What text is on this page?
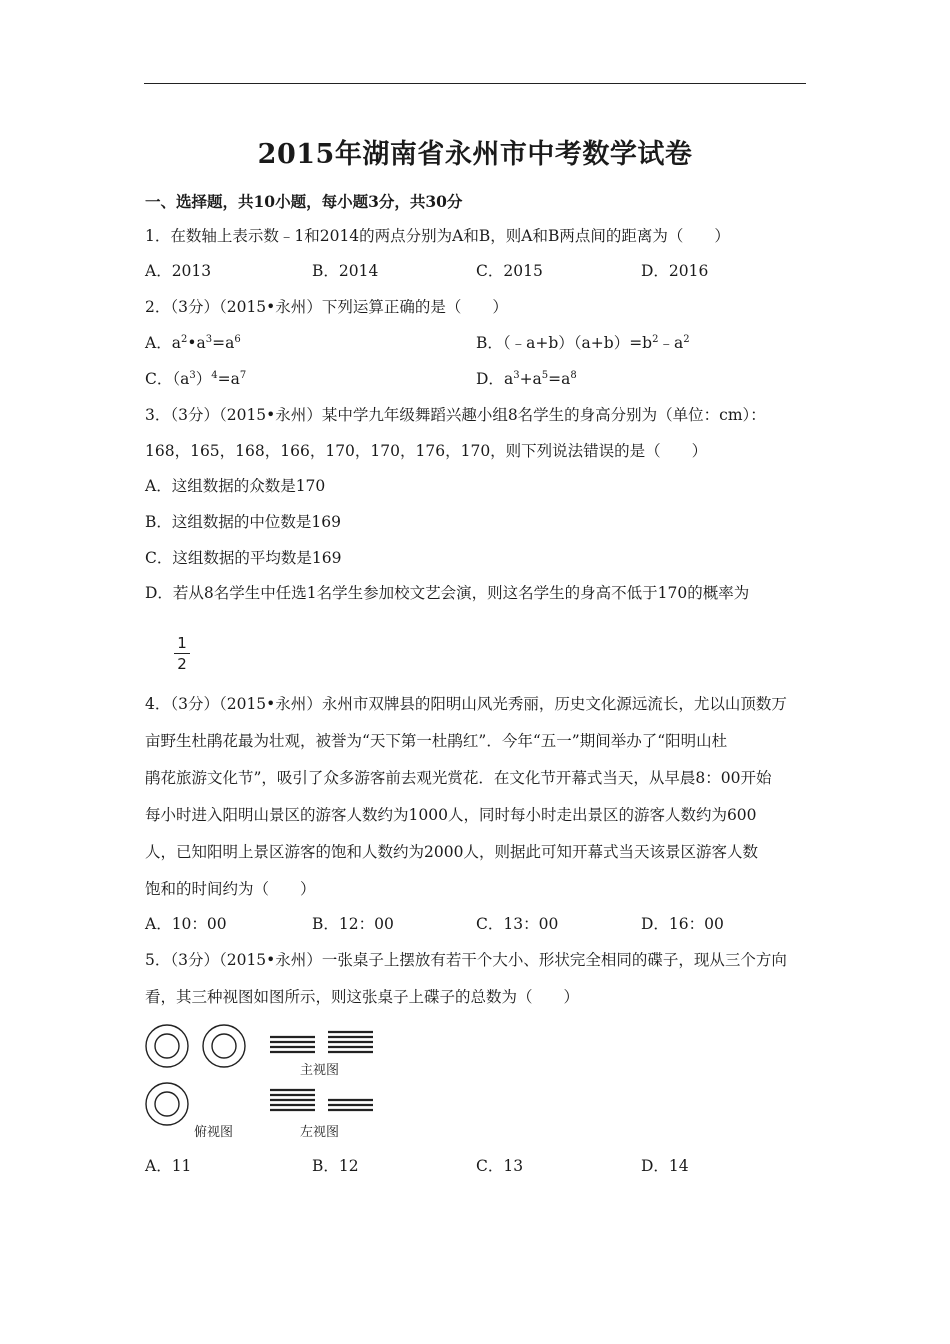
2015年湖南省永州市中考数学试卷
一、选择题，共10小题，每小题3分，共30分
1．在数轴上表示数﹣1和2014的两点分别为A和B，则A和B两点间的距离为（　　）
A．2013	B．2014	C．2015	D．2016
2．（3分）（2015•永州）下列运算正确的是（　　）
A．$a^2•a^3=a^6$	B．$(﹣a+b)(a+b)=b^2﹣a^2$
C．$(a^3)^4=a^7$	D．$a^3+a^5=a^8$
3．（3分）（2015•永州）某中学九年级舞蹈兴趣小组8名学生的身高分别为（单位：cm）：
168，165，168，166，170，170，176，170，则下列说法错误的是（　　）
A．这组数据的众数是170
B．这组数据的中位数是169
C．这组数据的平均数是169
D．若从8名学生中任选1名学生参加校文艺会演，则这名学生的身高不低于170的概率为
1
2
4．（3分）（2015•永州）永州市双牌县的阳明山风光秀丽，历史文化源远流长，尤以山顶数万
亩野生杜鹃花最为壮观，被誉为“天下第一杜鹃红”．今年“五一”期间举办了“阳明山杜
鹃花旅游文化节”，吸引了众多游客前去观光赏花．在文化节开幕式当天，从早晨8：00开始
每小时进入阳明山景区的游客人数约为1000人，同时每小时走出景区的游客人数约为600
人，已知阳明上景区游客的饱和人数约为2000人，则据此可知开幕式当天该景区游客人数
饱和的时间约为（　　）
A．10：00	B．12：00	C．13：00	D．16：00
5．（3分）（2015•永州）一张桌子上摆放有若干个大小、形状完全相同的碟子，现从三个方向
看，其三种视图如图所示，则这张桌子上碟子的总数为（　　）
主视图
俯视图	左视图
A．11	B．12	C．13	D．14
